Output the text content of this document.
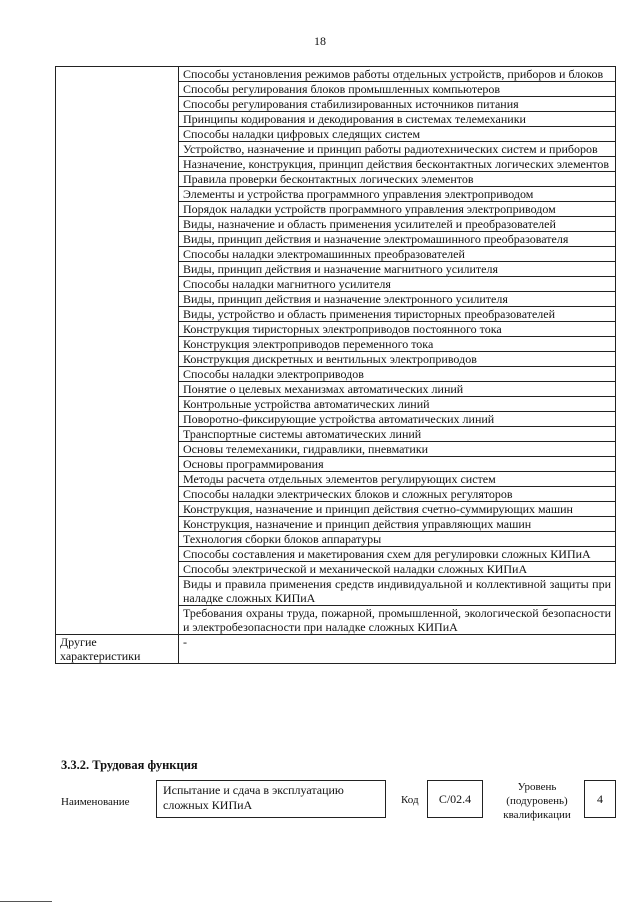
18
	Способы установления режимов работы отдельных устройств, приборов и блоков
	Способы регулирования блоков промышленных компьютеров
	Способы регулирования стабилизированных источников питания
	Принципы кодирования и декодирования в системах телемеханики
	Способы наладки цифровых следящих систем
	Устройство, назначение и принцип работы радиотехнических систем и приборов
	Назначение, конструкция, принцип действия бесконтактных логических элементов
	Правила проверки бесконтактных логических элементов
	Элементы и устройства программного управления электроприводом
	Порядок наладки устройств программного управления электроприводом
	Виды, назначение и область применения усилителей и преобразователей
	Виды, принцип действия и назначение электромашинного преобразователя
	Способы наладки электромашинных преобразователей
	Виды, принцип действия и назначение магнитного усилителя
	Способы наладки магнитного усилителя
	Виды, принцип действия и назначение электронного усилителя
	Виды, устройство и область применения тиристорных преобразователей
	Конструкция тиристорных электроприводов постоянного тока
	Конструкция электроприводов переменного тока
	Конструкция дискретных и вентильных электроприводов
	Способы наладки электроприводов
	Понятие о целевых механизмах автоматических линий
	Контрольные устройства автоматических линий
	Поворотно-фиксирующие устройства автоматических линий
	Транспортные системы автоматических линий
	Основы телемеханики, гидравлики, пневматики
	Основы программирования
	Методы расчета отдельных элементов регулирующих систем
	Способы наладки электрических блоков и сложных регуляторов
	Конструкция, назначение и принцип действия счетно-суммирующих машин
	Конструкция, назначение и принцип действия управляющих машин
	Технология сборки блоков аппаратуры
	Способы составления и макетирования схем для регулировки сложных КИПиА
	Способы электрической и механической наладки сложных КИПиА
	Виды и правила применения средств индивидуальной и коллективной защиты при наладке сложных КИПиА
	Требования охраны труда, пожарной, промышленной, экологической безопасности и электробезопасности при наладке сложных КИПиА
Другие характеристики	-
3.3.2. Трудовая функция
Наименование
Испытание и сдача в эксплуатацию сложных КИПиА	Код	C/02.4
Уровень (подуровень) квалификации
4
